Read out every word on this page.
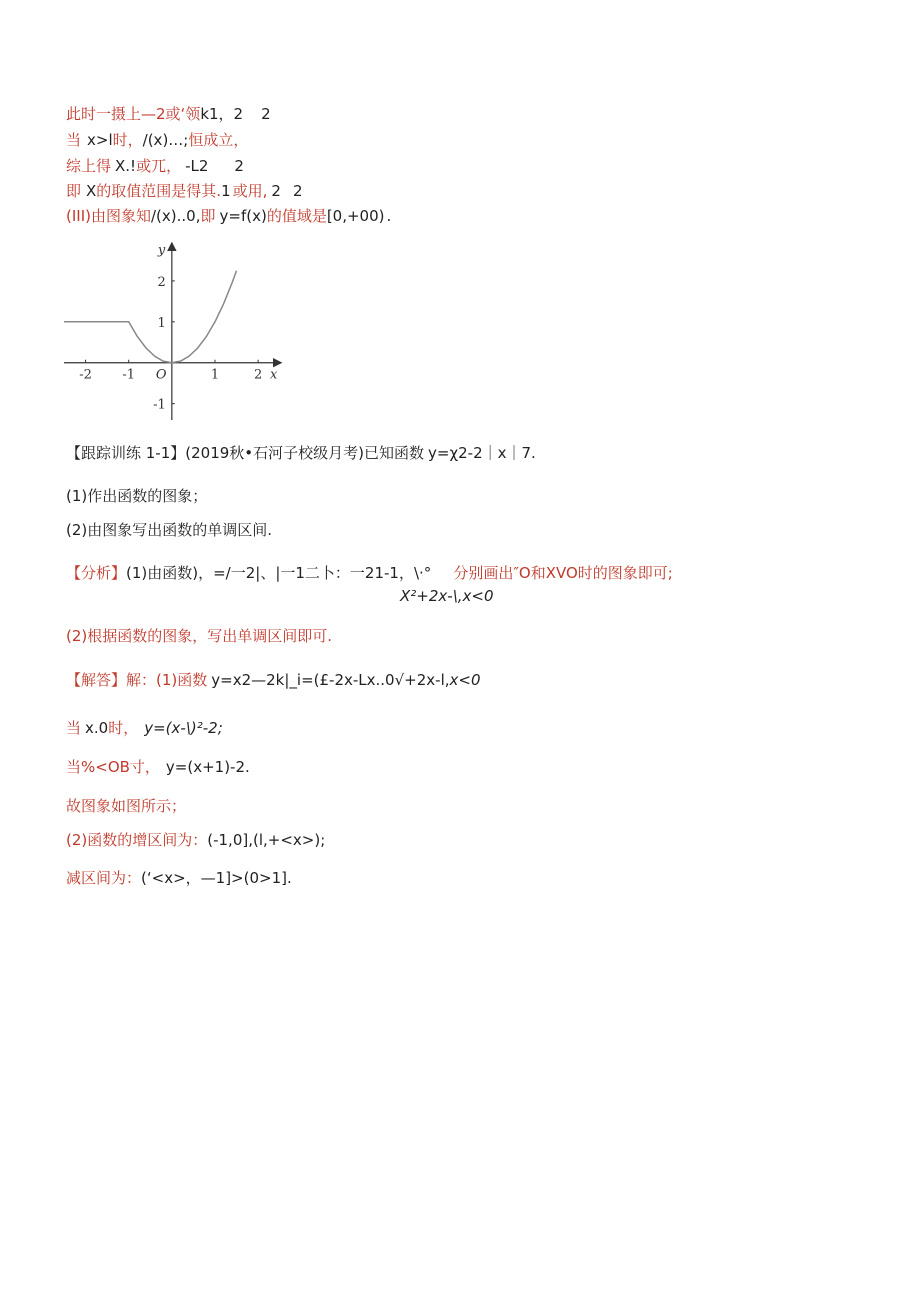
此时一摄上—2或‘领k1，2 2
当 x>l时，/(x)…;恒成立，
综上得 X.!或兀， -L2 2
即 X的取值范围是得其.1 或用, 2 2
(III)由图象知/(x)..0,即 y=f(x)的值域是[0,+00) .
-2 -1	1	2
2
1
-1
x
y
O
【跟踪训练 1-1】(2019秋•石河子校级月考)已知函数 y=χ2-2｜x｜7.
(1)作出函数的图象；
(2)由图象写出函数的单调区间.
【分析】(1)由函数)，=/一2|、|一1二卜：一21-1，\·° 分别画出″O和XVO时的图象即可;
X²+2x-\,x<0
(2)根据函数的图象，写出单调区间即可.
【解答】解：(1)函数 y=x2—2k|_i=(£-2x-Lx..0√+2x-l,x<0
当 x.0时， y=(x-\)²-2;
当%<OB寸， y=(x+1)-2.
故图象如图所示；
(2)函数的增区间为：(-1,0],(l,+<x>);
减区间为：(‘<x>，—1]>(0>1].
